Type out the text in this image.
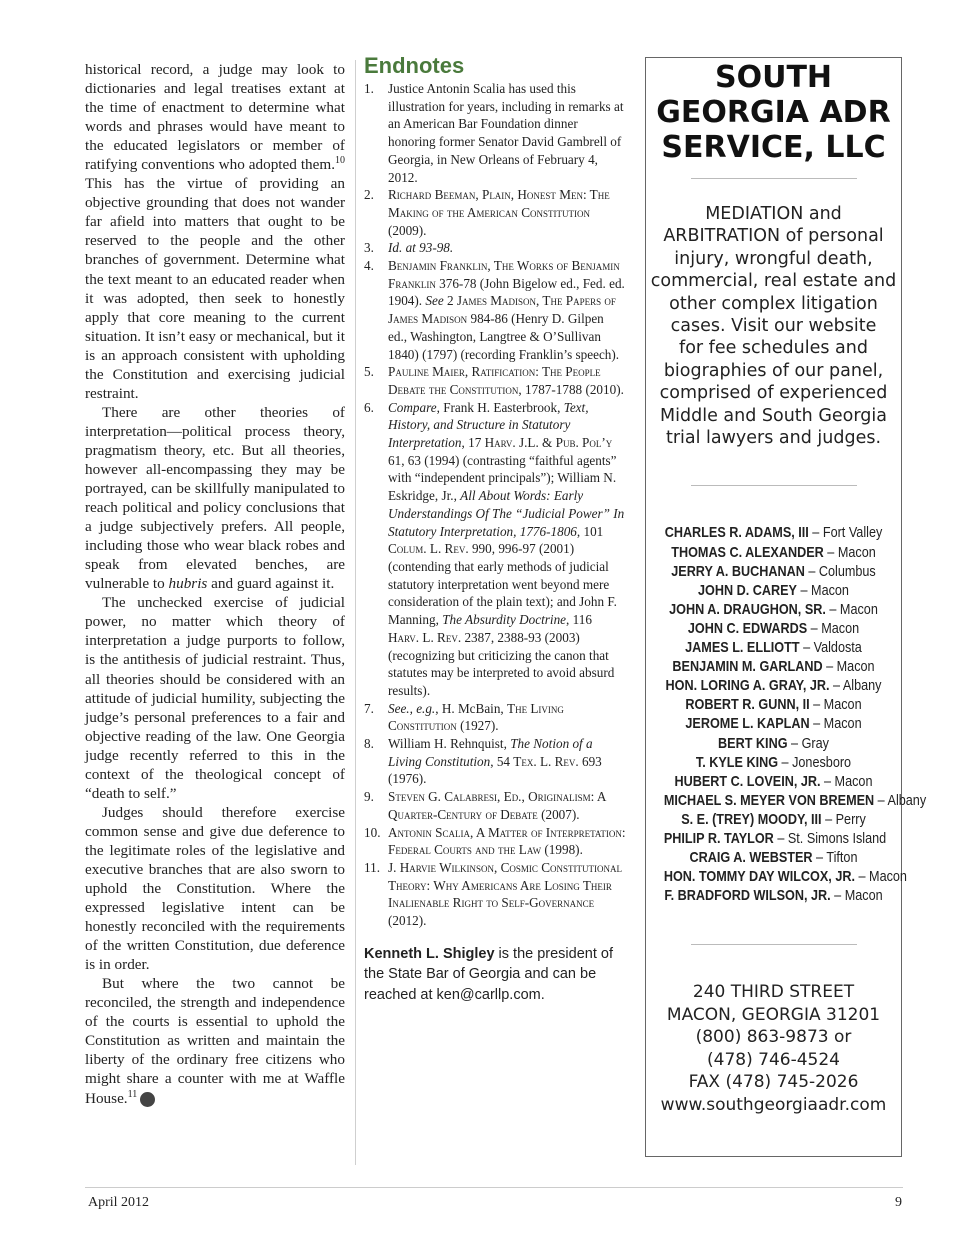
historical record, a judge may look to dictionaries and legal treatises extant at the time of enactment to determine what words and phrases would have meant to the educated legislators or member of ratifying conventions who adopted them.$^{10}$ This has the virtue of providing an objective grounding that does not wander far afield into matters that ought to be reserved to the people and the other branches of government. Determine what the text meant to an educated reader when it was adopted, then seek to honestly apply that core meaning to the current situation. It isn’t easy or mechanical, but it is an approach consistent with upholding the Constitution and exercising judicial restraint.

There are other theories of interpretation—political process theory, pragmatism theory, etc. But all theories, however all-encompassing they may be portrayed, can be skillfully manipulated to reach political and policy conclusions that a judge subjectively prefers. All people, including those who wear black robes and speak from elevated benches, are vulnerable to hubris and guard against it.

The unchecked exercise of judicial power, no matter which theory of interpretation a judge purports to follow, is the antithesis of judicial restraint. Thus, all theories should be considered with an attitude of judicial humility, subjecting the judge’s personal preferences to a fair and objective reading of the law. One Georgia judge recently referred to this in the context of the theological concept of “death to self.”

Judges should therefore exercise common sense and give due deference to the legitimate roles of the legislative and executive branches that are also sworn to uphold the Constitution. Where the expressed legislative intent can be honestly reconciled with the requirements of the written Constitution, due deference is in order.

But where the two cannot be reconciled, the strength and independence of the courts is essential to uphold the Constitution as written and maintain the liberty of the ordinary free citizens who might share a counter with me at Waffle House.$^{11}$	GBJ

Endnotes
1.	Justice Antonin Scalia has used this illustration for years, including in remarks at an American Bar Foundation dinner honoring former Senator David Gambrell of Georgia, in New Orleans of February 4, 2012.
2.	Richard Beeman, Plain, Honest Men: The Making of the American Constitution (2009).
3.	Id. at 93-98.
4.	Benjamin Franklin, The Works of Benjamin Franklin 376-78 (John Bigelow ed., Fed. ed. 1904). See 2 James Madison, The Papers of James Madison 984-86 (Henry D. Gilpen ed., Washington, Langtree & O’Sullivan 1840) (1797) (recording Franklin’s speech).
5.	Pauline Maier, Ratification: The People Debate the Constitution, 1787-1788 (2010).
6.	Compare, Frank H. Easterbrook, Text, History, and Structure in Statutory Interpretation, 17 Harv. J.L. & Pub. Pol’y 61, 63 (1994) (contrasting “faithful agents” with “independent principals”); William N. Eskridge, Jr., All About Words: Early Understandings Of The “Judicial Power” In Statutory Interpretation, 1776-1806, 101 Colum. L. Rev. 990, 996-97 (2001) (contending that early methods of judicial statutory interpretation went beyond mere consideration of the plain text); and John F. Manning, The Absurdity Doctrine, 116 Harv. L. Rev. 2387, 2388-93 (2003) (recognizing but criticizing the canon that statutes may be interpreted to avoid absurd results).
7.	See., e.g., H. McBain, The Living Constitution (1927).
8.	William H. Rehnquist, The Notion of a Living Constitution, 54 Tex. L. Rev. 693 (1976).
9.	Steven G. Calabresi, Ed., Originalism: A Quarter-Century of Debate (2007).
10. Antonin Scalia, A Matter of Interpretation: Federal Courts and the Law (1998).
11. J. Harvie Wilkinson, Cosmic Constitutional Theory: Why Americans Are Losing Their Inalienable Right to Self-Governance (2012).
Kenneth L. Shigley is the president of the State Bar of Georgia and can be reached at ken@carllp.com.
SOUTH
GEORGIA ADR
SERVICE, LLC
MEDIATION and
ARBITRATION of personal
injury, wrongful death,
commercial, real estate and
other complex litigation
cases. Visit our website
for fee schedules and
biographies of our panel,
comprised of experienced
Middle and South Georgia
trial lawyers and judges.
CHARLES R. ADAMS, III – Fort Valley
THOMAS C. ALEXANDER – Macon
JERRY A. BUCHANAN – Columbus
JOHN D. CAREY – Macon
JOHN A. DRAUGHON, SR. – Macon
JOHN C. EDWARDS – Macon
JAMES L. ELLIOTT – Valdosta
BENJAMIN M. GARLAND – Macon
HON. LORING A. GRAY, JR. – Albany
ROBERT R. GUNN, II – Macon
JEROME L. KAPLAN – Macon
BERT KING – Gray
T. KYLE KING – Jonesboro
HUBERT C. LOVEIN, JR. – Macon
MICHAEL S. MEYER VON BREMEN – Albany
S. E. (TREY) MOODY, III – Perry
PHILIP R. TAYLOR – St. Simons Island
CRAIG A. WEBSTER – Tifton
HON. TOMMY DAY WILCOX, JR. – Macon
F. BRADFORD WILSON, JR. – Macon
240 THIRD STREET
MACON, GEORGIA 31201
(800) 863-9873 or
(478) 746-4524
FAX (478) 745-2026
www.southgeorgiaadr.com
April 2012	9
